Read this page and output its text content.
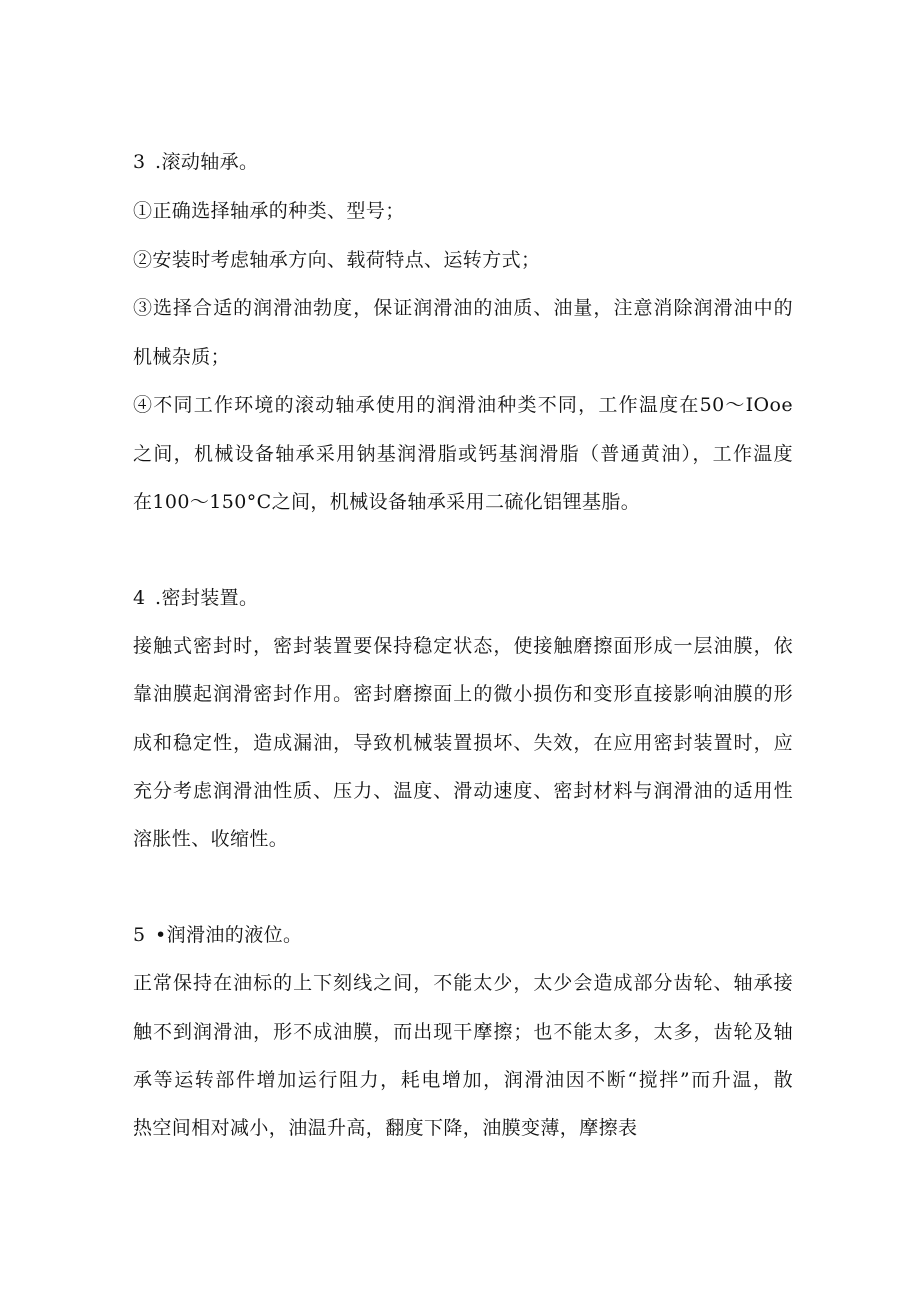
3 .滚动轴承。
①正确选择轴承的种类、型号；
②安装时考虑轴承方向、载荷特点、运转方式；
③选择合适的润滑油勃度，保证润滑油的油质、油量，注意消除润滑油中的
机械杂质；
④不同工作环境的滚动轴承使用的润滑油种类不同，工作温度在50～IOoe
之间，机械设备轴承采用钠基润滑脂或钙基润滑脂（普通黄油），工作温度
在100～150°C之间，机械设备轴承采用二硫化铝锂基脂。
4 .密封装置。
接触式密封时，密封装置要保持稳定状态，使接触磨擦面形成一层油膜，依
靠油膜起润滑密封作用。密封磨擦面上的微小损伤和变形直接影响油膜的形
成和稳定性，造成漏油，导致机械装置损坏、失效，在应用密封装置时，应
充分考虑润滑油性质、压力、温度、滑动速度、密封材料与润滑油的适用性
溶胀性、收缩性。
5 •润滑油的液位。
正常保持在油标的上下刻线之间，不能太少，太少会造成部分齿轮、轴承接
触不到润滑油，形不成油膜，而出现干摩擦；也不能太多，太多，齿轮及轴
承等运转部件增加运行阻力，耗电增加，润滑油因不断“搅拌”而升温，散
热空间相对减小，油温升高，翻度下降，油膜变薄，摩擦表
